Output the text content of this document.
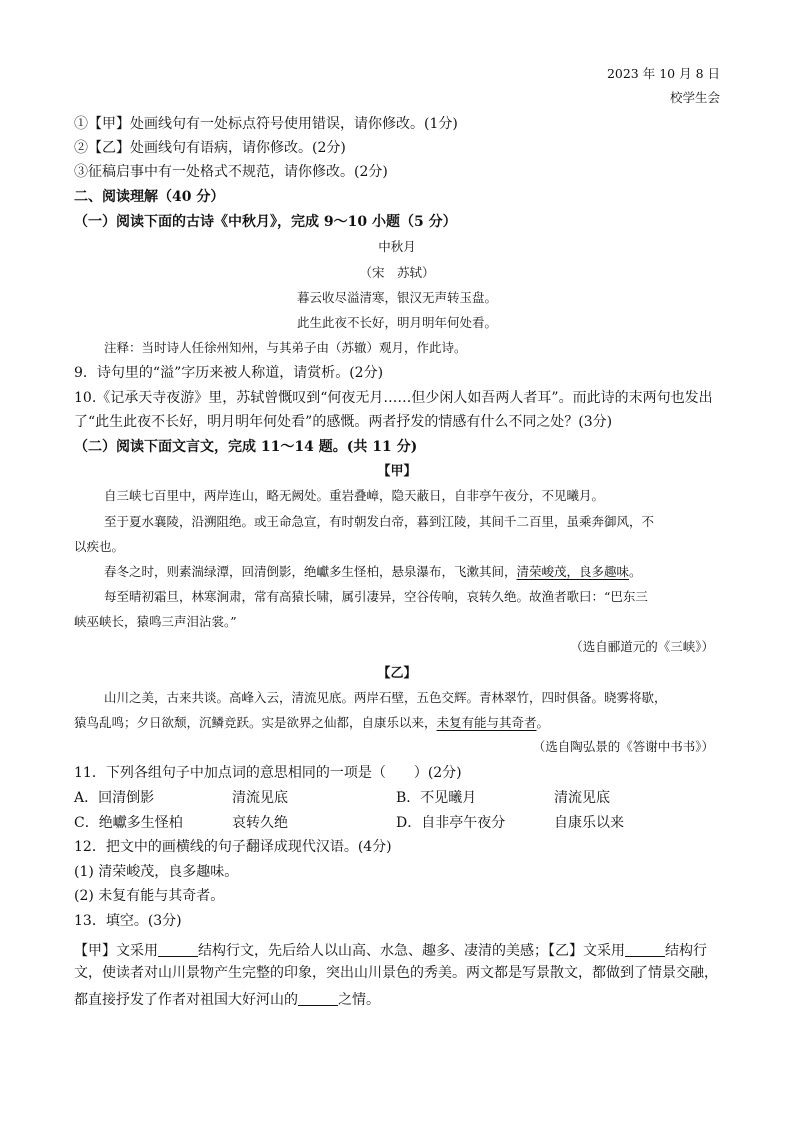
2023 年 10 月 8 日
校学生会
①【甲】处画线句有一处标点符号使用错误，请你修改。(1分)
②【乙】处画线句有语病，请你修改。(2分)
③征稿启事中有一处格式不规范，请你修改。(2分)
二、阅读理解（40 分）
（一）阅读下面的古诗《中秋月》，完成 9～10 小题（5 分）
中秋月
（宋　苏轼）
暮云收尽溢清寒，银汉无声转玉盘。
此生此夜不长好，明月明年何处看。
注释：当时诗人任徐州知州，与其弟子由（苏辙）观月，作此诗。
9．诗句里的“溢”字历来被人称道，请赏析。(2分)
10.《记承天寺夜游》里，苏轼曾慨叹到“何夜无月……但少闲人如吾两人者耳”。而此诗的末两句也发出
了“此生此夜不长好，明月明年何处看”的感慨。两者抒发的情感有什么不同之处？(3分)
（二）阅读下面文言文，完成 11～14 题。(共 11 分)
【甲】
自三峡七百里中，两岸连山，略无阙处。重岩叠嶂，隐天蔽日，自非亭午夜分，不见曦月。
至于夏水襄陵，沿溯阻绝。或王命急宣，有时朝发白帝，暮到江陵，其间千二百里，虽乘奔御风，不
以疾也。
春冬之时，则素湍绿潭，回清倒影，绝巘多生怪柏，悬泉瀑布，飞漱其间，清荣峻茂，良多趣味。
每至晴初霜旦，林寒涧肃，常有高猿长啸，属引凄异，空谷传响，哀转久绝。故渔者歌曰：“巴东三
峡巫峡长，猿鸣三声泪沾裳。”
（选自郦道元的《三峡》）
【乙】
山川之美，古来共谈。高峰入云，清流见底。两岸石壁，五色交辉。青林翠竹，四时俱备。晓雾将歇，
猿鸟乱鸣；夕日欲颓，沉鳞竞跃。实是欲界之仙都，自康乐以来，未复有能与其奇者。
（选自陶弘景的《答谢中书书》）
11．下列各组句子中加点词的意思相同的一项是（　　）(2分)
A．回清倒影	清流见底	B．不见曦月	清流见底
C．绝巘多生怪柏	哀转久绝	D．自非亭午夜分	自康乐以来
12．把文中的画横线的句子翻译成现代汉语。(4分)
(1) 清荣峻茂，良多趣味。
(2) 未复有能与其奇者。
13．填空。(3分)
【甲】文采用	结构行文，先后给人以山高、水急、趣多、凄清的美感；【乙】文采用	结构行
文，使读者对山川景物产生完整的印象，突出山川景色的秀美。两文都是写景散文，都做到了情景交融，
都直接抒发了作者对祖国大好河山的	之情。
